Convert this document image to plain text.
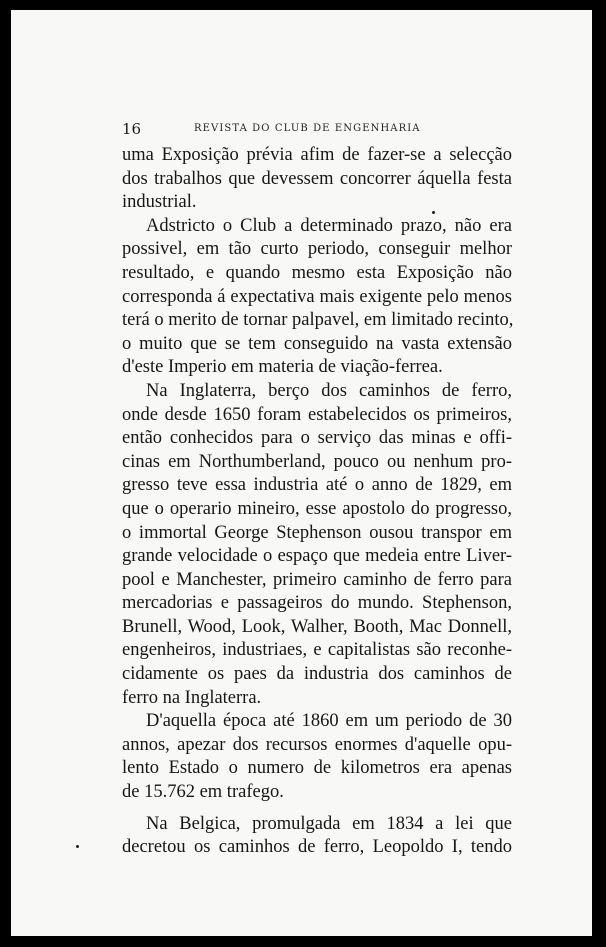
16	REVISTA DO CLUB DE ENGENHARIA

uma Exposição prévia afim de fazer-se a selecção
dos trabalhos que devessem concorrer áquella festa
industrial.

Adstricto o Club a determinado prazo, não era
possivel, em tão curto periodo, conseguir melhor
resultado, e quando mesmo esta Exposição não
corresponda á expectativa mais exigente pelo menos
terá o merito de tornar palpavel, em limitado recinto,
o muito que se tem conseguido na vasta extensão
d'este Imperio em materia de viação-ferrea.

Na Inglaterra, berço dos caminhos de ferro,
onde desde 1650 foram estabelecidos os primeiros,
então conhecidos para o serviço das minas e offi-
cinas em Northumberland, pouco ou nenhum pro-
gresso teve essa industria até o anno de 1829, em
que o operario mineiro, esse apostolo do progresso,
o immortal George Stephenson ousou transpor em
grande velocidade o espaço que medeia entre Liver-
pool e Manchester, primeiro caminho de ferro para
mercadorias e passageiros do mundo. Stephenson,
Brunell, Wood, Look, Walher, Booth, Mac Donnell,
engenheiros, industriaes, e capitalistas são reconhe-
cidamente os paes da industria dos caminhos de
ferro na Inglaterra.

D'aquella época até 1860 em um periodo de 30
annos, apezar dos recursos enormes d'aquelle opu-
lento Estado o numero de kilometros era apenas
de 15.762 em trafego.

Na Belgica, promulgada em 1834 a lei que
decretou os caminhos de ferro, Leopoldo I, tendo
